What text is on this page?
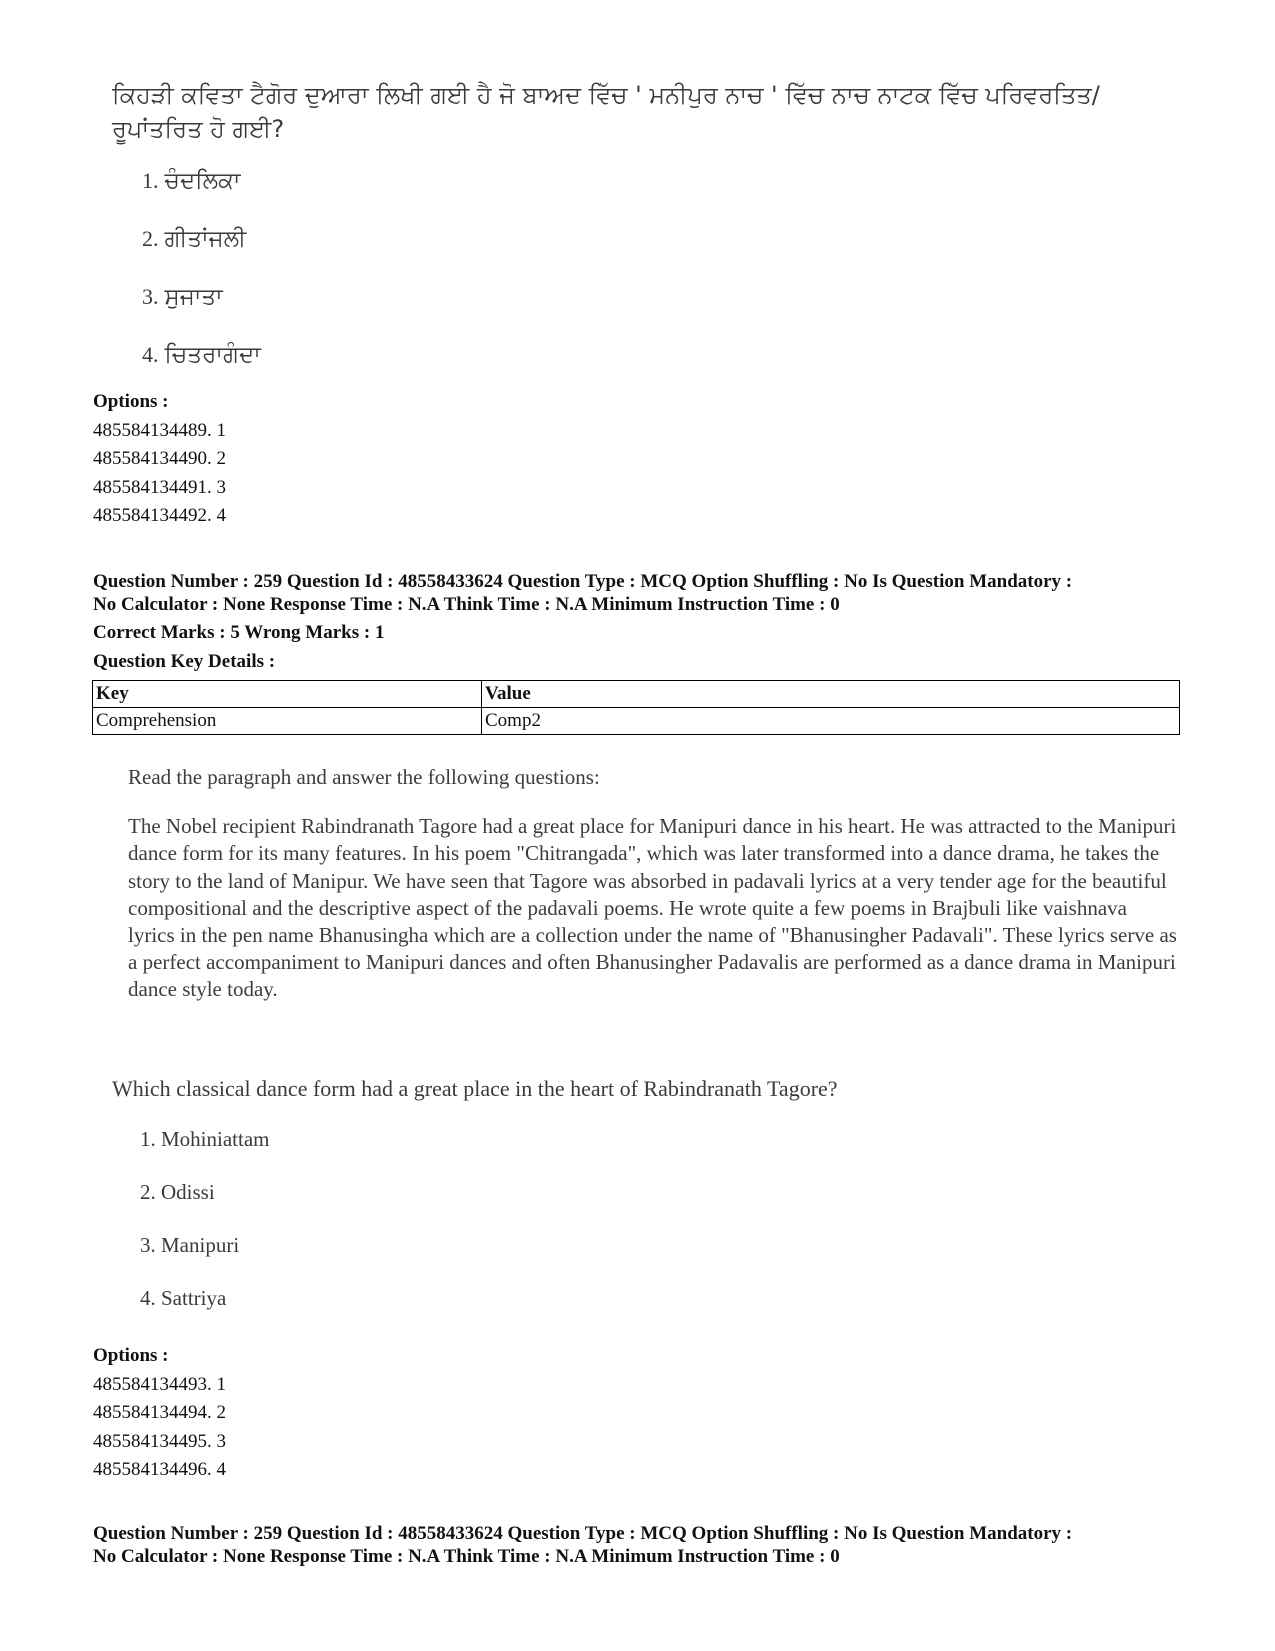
ਕਿਹੜੀ ਕਵਿਤਾ ਟੈਗੋਰ ਦੁਆਰਾ ਲਿਖੀ ਗਈ ਹੈ ਜੋ ਬਾਅਦ ਵਿੱਚ ' ਮਨੀਪੁਰ ਨਾਚ ' ਵਿੱਚ ਨਾਚ ਨਾਟਕ ਵਿੱਚ ਪਰਿਵਰਤਿਤ/ਰੂਪਾਂਤਰਿਤ ਹੋ ਗਈ?

1. ਚੰਦਲਿਕਾ
2. ਗੀਤਾਂਜਲੀ
3. ਸੁਜਾਤਾ
4. ਚਿਤਰਾਗੰਦਾ
Options :
485584134489. 1
485584134490. 2
485584134491. 3
485584134492. 4
Question Number : 259 Question Id : 48558433624 Question Type : MCQ Option Shuffling : No Is Question Mandatory :
No Calculator : None Response Time : N.A Think Time : N.A Minimum Instruction Time : 0
Correct Marks : 5 Wrong Marks : 1
Question Key Details :
Key	Value
Comprehension	Comp2

Read the paragraph and answer the following questions:

The Nobel recipient Rabindranath Tagore had a great place for Manipuri dance in his heart. He was attracted to the Manipuri dance form for its many features. In his poem "Chitrangada", which was later transformed into a dance drama, he takes the story to the land of Manipur. We have seen that Tagore was absorbed in padavali lyrics at a very tender age for the beautiful compositional and the descriptive aspect of the padavali poems. He wrote quite a few poems in Brajbuli like vaishnava lyrics in the pen name Bhanusingha which are a collection under the name of "Bhanusingher Padavali". These lyrics serve as a perfect accompaniment to Manipuri dances and often Bhanusingher Padavalis are performed as a dance drama in Manipuri dance style today.

Which classical dance form had a great place in the heart of Rabindranath Tagore?

1. Mohiniattam
2. Odissi
3. Manipuri
4. Sattriya
Options :
485584134493. 1
485584134494. 2
485584134495. 3
485584134496. 4
Question Number : 259 Question Id : 48558433624 Question Type : MCQ Option Shuffling : No Is Question Mandatory :
No Calculator : None Response Time : N.A Think Time : N.A Minimum Instruction Time : 0
